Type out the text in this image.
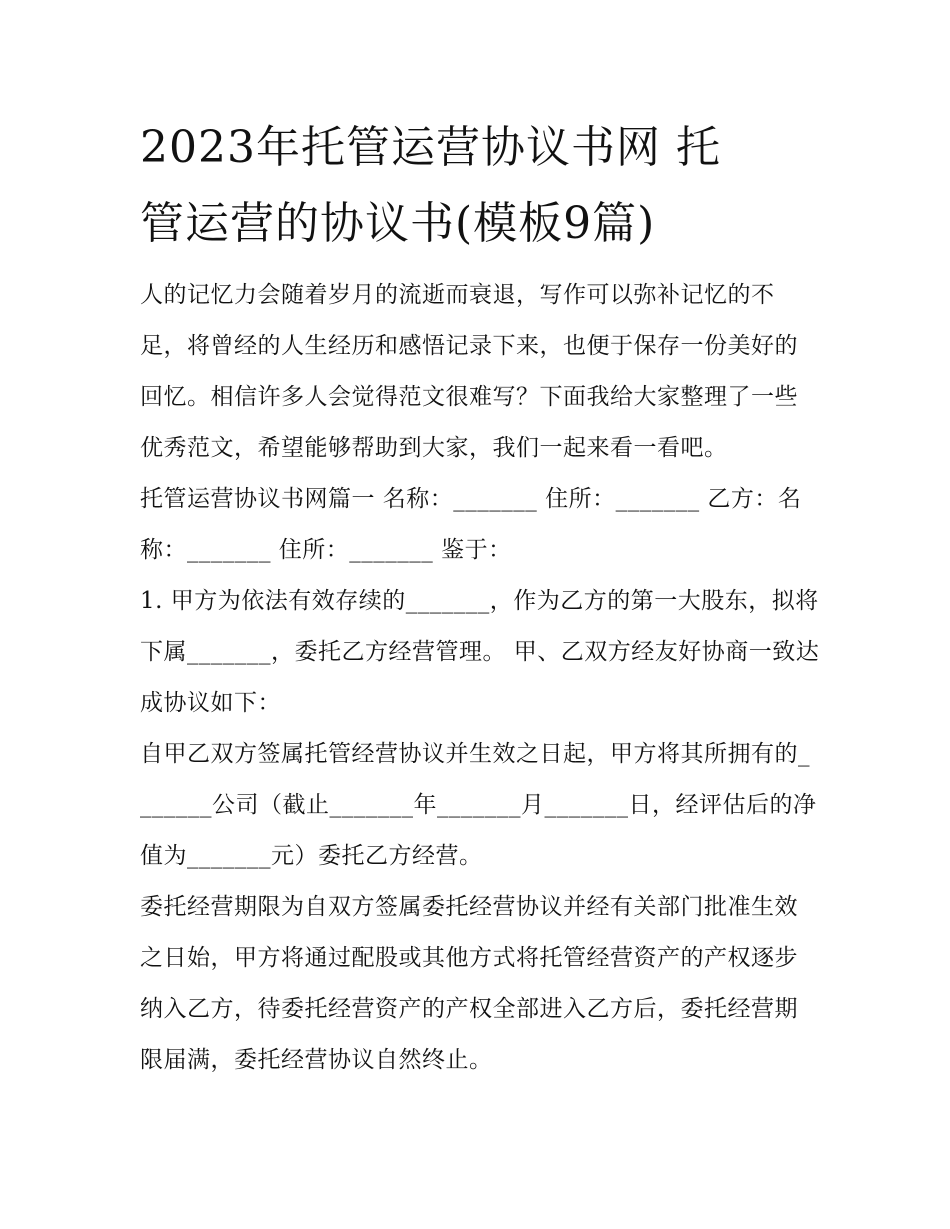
2023年托管运营协议书网 托
管运营的协议书(模板9篇)

人的记忆力会随着岁月的流逝而衰退，写作可以弥补记忆的不足，将曾经的人生经历和感悟记录下来，也便于保存一份美好的回忆。相信许多人会觉得范文很难写？下面我给大家整理了一些优秀范文，希望能够帮助到大家，我们一起来看一看吧。

托管运营协议书网篇一 名称：_______ 住所：_______ 乙方：名称：_______ 住所：_______ 鉴于：

1. 甲方为依法有效存续的_______，作为乙方的第一大股东，拟将下属_______，委托乙方经营管理。 甲、乙双方经友好协商一致达成协议如下：

自甲乙双方签属托管经营协议并生效之日起，甲方将其所拥有的_______公司（截止_______年_______月_______日，经评估后的净值为_______元）委托乙方经营。

委托经营期限为自双方签属委托经营协议并经有关部门批准生效之日始，甲方将通过配股或其他方式将托管经营资产的产权逐步纳入乙方，待委托经营资产的产权全部进入乙方后，委托经营期限届满，委托经营协议自然终止。
